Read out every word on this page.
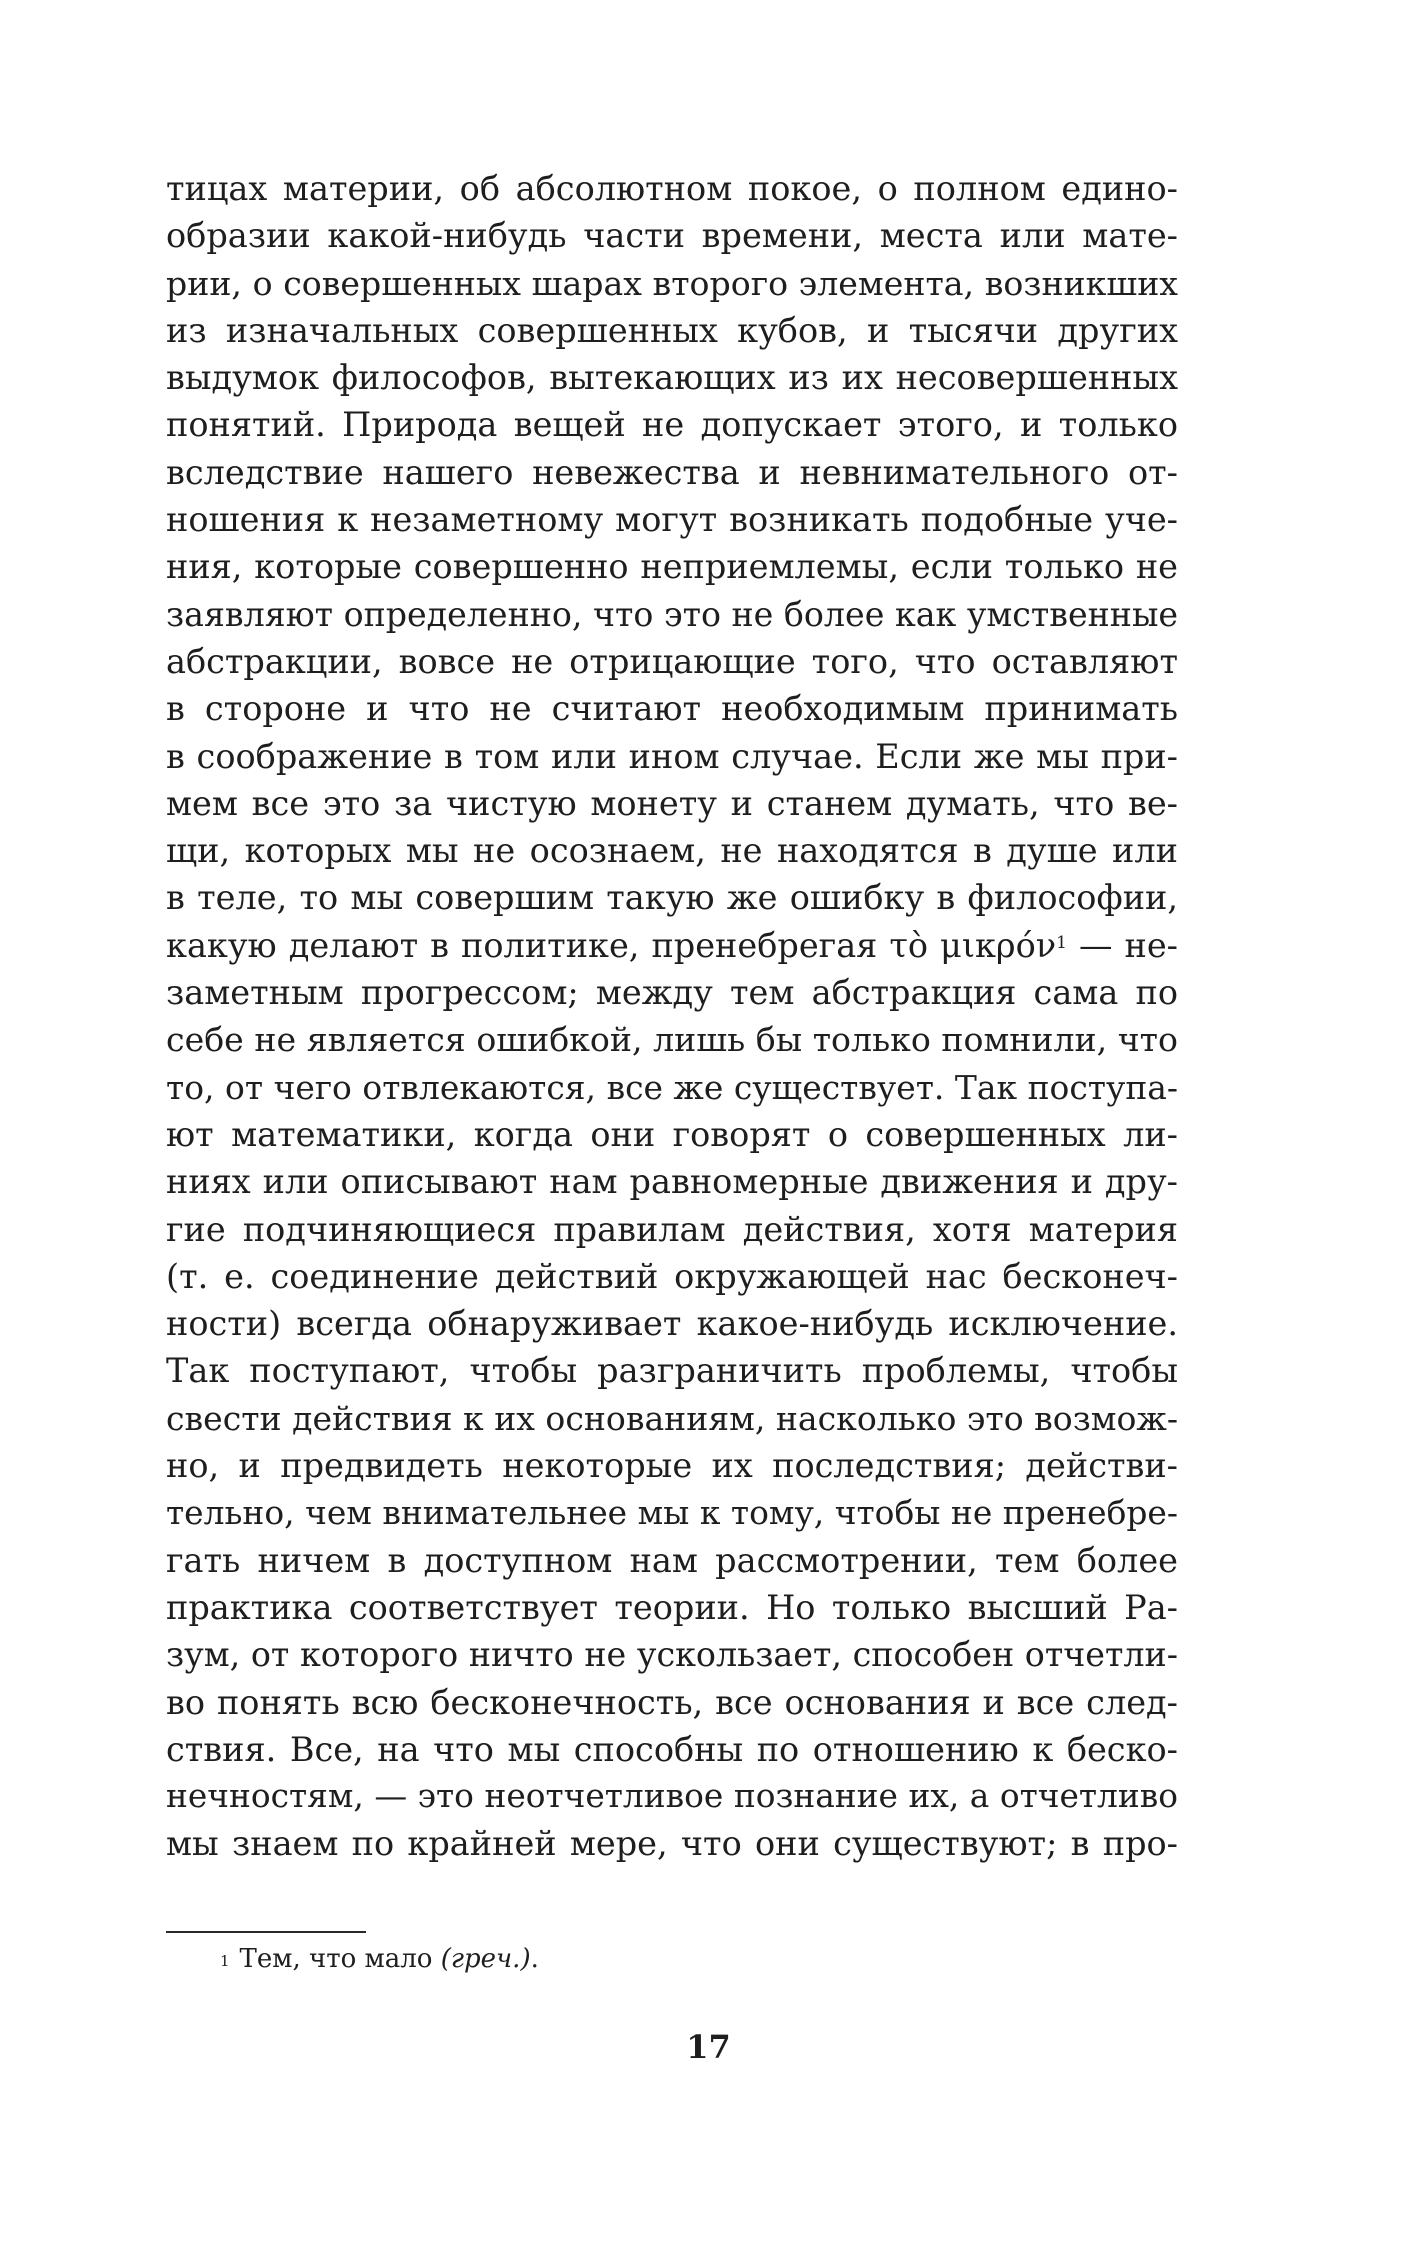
тицах материи, об абсолютном покое, о полном едино-
образии какой-нибудь части времени, места или мате-
рии, о совершенных шарах второго элемента, возникших
из изначальных совершенных кубов, и тысячи других
выдумок философов, вытекающих из их несовершенных
понятий. Природа вещей не допускает этого, и только
вследствие нашего невежества и невнимательного от-
ношения к незаметному могут возникать подобные уче-
ния, которые совершенно неприемлемы, если только не
заявляют определенно, что это не более как умственные
абстракции, вовсе не отрицающие того, что оставляют
в стороне и что не считают необходимым принимать
в соображение в том или ином случае. Если же мы при-
мем все это за чистую монету и станем думать, что ве-
щи, которых мы не осознаем, не находятся в душе или
в теле, то мы совершим такую же ошибку в философии,
какую делают в политике, пренебрегая τὸ μικρόν$^1$ — не-
заметным прогрессом; между тем абстракция сама по
себе не является ошибкой, лишь бы только помнили, что
то, от чего отвлекаются, все же существует. Так поступа-
ют математики, когда они говорят о совершенных ли-
ниях или описывают нам равномерные движения и дру-
гие подчиняющиеся правилам действия, хотя материя
(т. е. соединение действий окружающей нас бесконеч-
ности) всегда обнаруживает какое-нибудь исключение.
Так поступают, чтобы разграничить проблемы, чтобы
свести действия к их основаниям, насколько это возмож-
но, и предвидеть некоторые их последствия; действи-
тельно, чем внимательнее мы к тому, чтобы не пренебре-
гать ничем в доступном нам рассмотрении, тем более
практика соответствует теории. Но только высший Ра-
зум, от которого ничто не ускользает, способен отчетли-
во понять всю бесконечность, все основания и все след-
ствия. Все, на что мы способны по отношению к беско-
нечностям, — это неотчетливое познание их, а отчетливо
мы знаем по крайней мере, что они существуют; в про-
$^1$ Тем, что мало (греч.).
17
